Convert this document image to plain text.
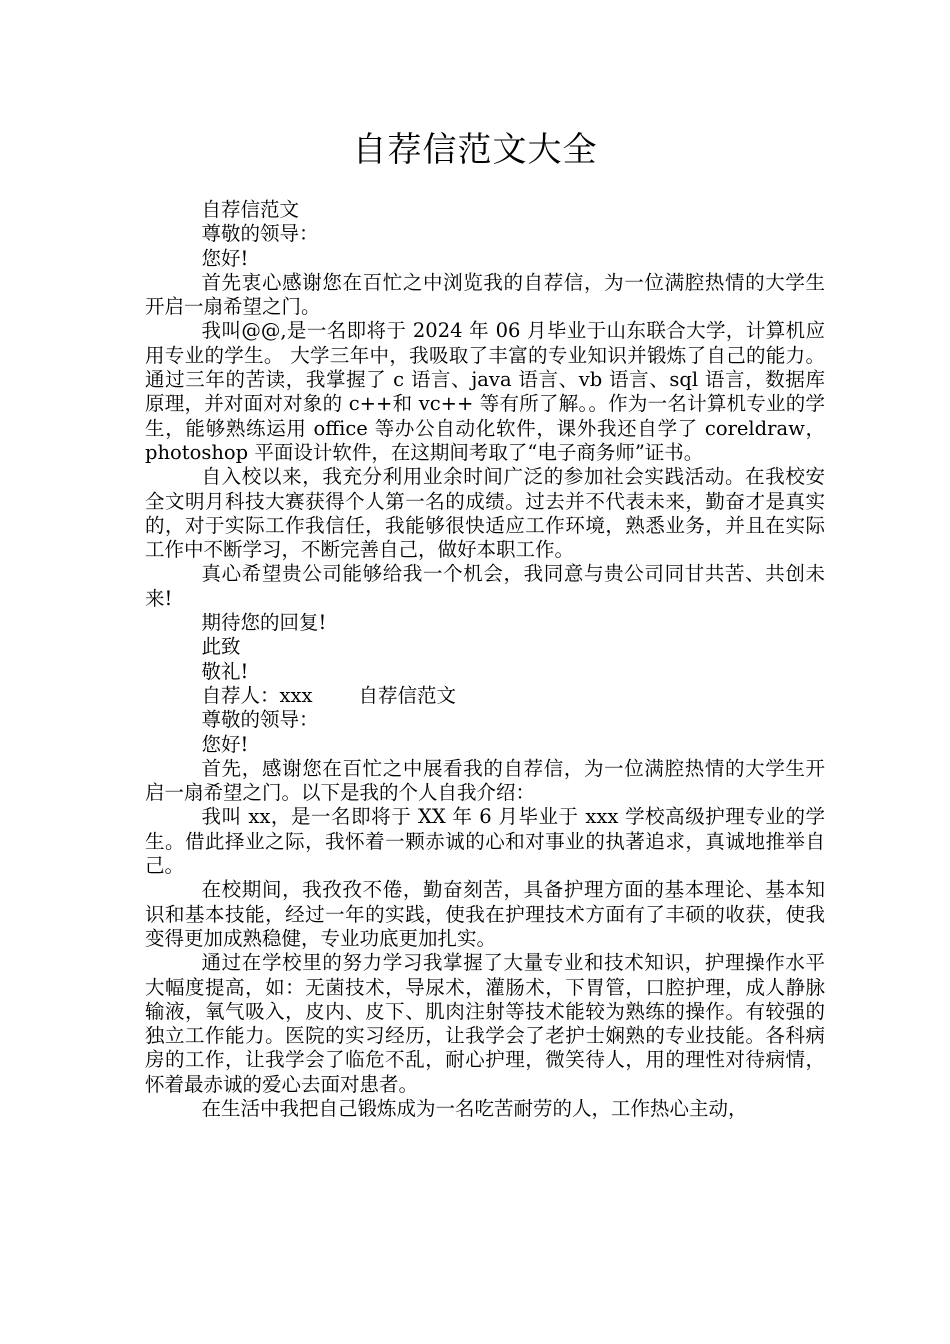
自荐信范文大全

自荐信范文

尊敬的领导：

您好!

首先衷心感谢您在百忙之中浏览我的自荐信，为一位满腔热情的大学生开启一扇希望之门。

我叫@@,是一名即将于 2024 年 06 月毕业于山东联合大学，计算机应用专业的学生。 大学三年中，我吸取了丰富的专业知识并锻炼了自己的能力。通过三年的苦读，我掌握了 c 语言、java 语言、vb 语言、sql 语言，数据库原理，并对面对对象的 c++和 vc++ 等有所了解。。作为一名计算机专业的学生，能够熟练运用 office 等办公自动化软件，课外我还自学了 coreldraw，photoshop 平面设计软件，在这期间考取了“电子商务师”证书。

自入校以来，我充分利用业余时间广泛的参加社会实践活动。在我校安全文明月科技大赛获得个人第一名的成绩。过去并不代表未来，勤奋才是真实的，对于实际工作我信任，我能够很快适应工作环境，熟悉业务，并且在实际工作中不断学习，不断完善自己，做好本职工作。

真心希望贵公司能够给我一个机会，我同意与贵公司同甘共苦、共创未来!

期待您的回复!

此致

敬礼!

自荐人：xxx 自荐信范文

尊敬的领导：

您好!

首先，感谢您在百忙之中展看我的自荐信，为一位满腔热情的大学生开启一扇希望之门。以下是我的个人自我介绍：

我叫 xx，是一名即将于 XX 年 6 月毕业于 xxx 学校高级护理专业的学生。借此择业之际，我怀着一颗赤诚的心和对事业的执著追求，真诚地推举自己。

在校期间，我孜孜不倦，勤奋刻苦，具备护理方面的基本理论、基本知识和基本技能，经过一年的实践，使我在护理技术方面有了丰硕的收获，使我变得更加成熟稳健，专业功底更加扎实。

通过在学校里的努力学习我掌握了大量专业和技术知识，护理操作水平大幅度提高，如：无菌技术，导尿术，灌肠术，下胃管，口腔护理，成人静脉输液，氧气吸入，皮内、皮下、肌肉注射等技术能较为熟练的操作。有较强的独立工作能力。医院的实习经历，让我学会了老护士娴熟的专业技能。各科病房的工作，让我学会了临危不乱，耐心护理，微笑待人，用的理性对待病情，怀着最赤诚的爱心去面对患者。

在生活中我把自己锻炼成为一名吃苦耐劳的人，工作热心主动，
